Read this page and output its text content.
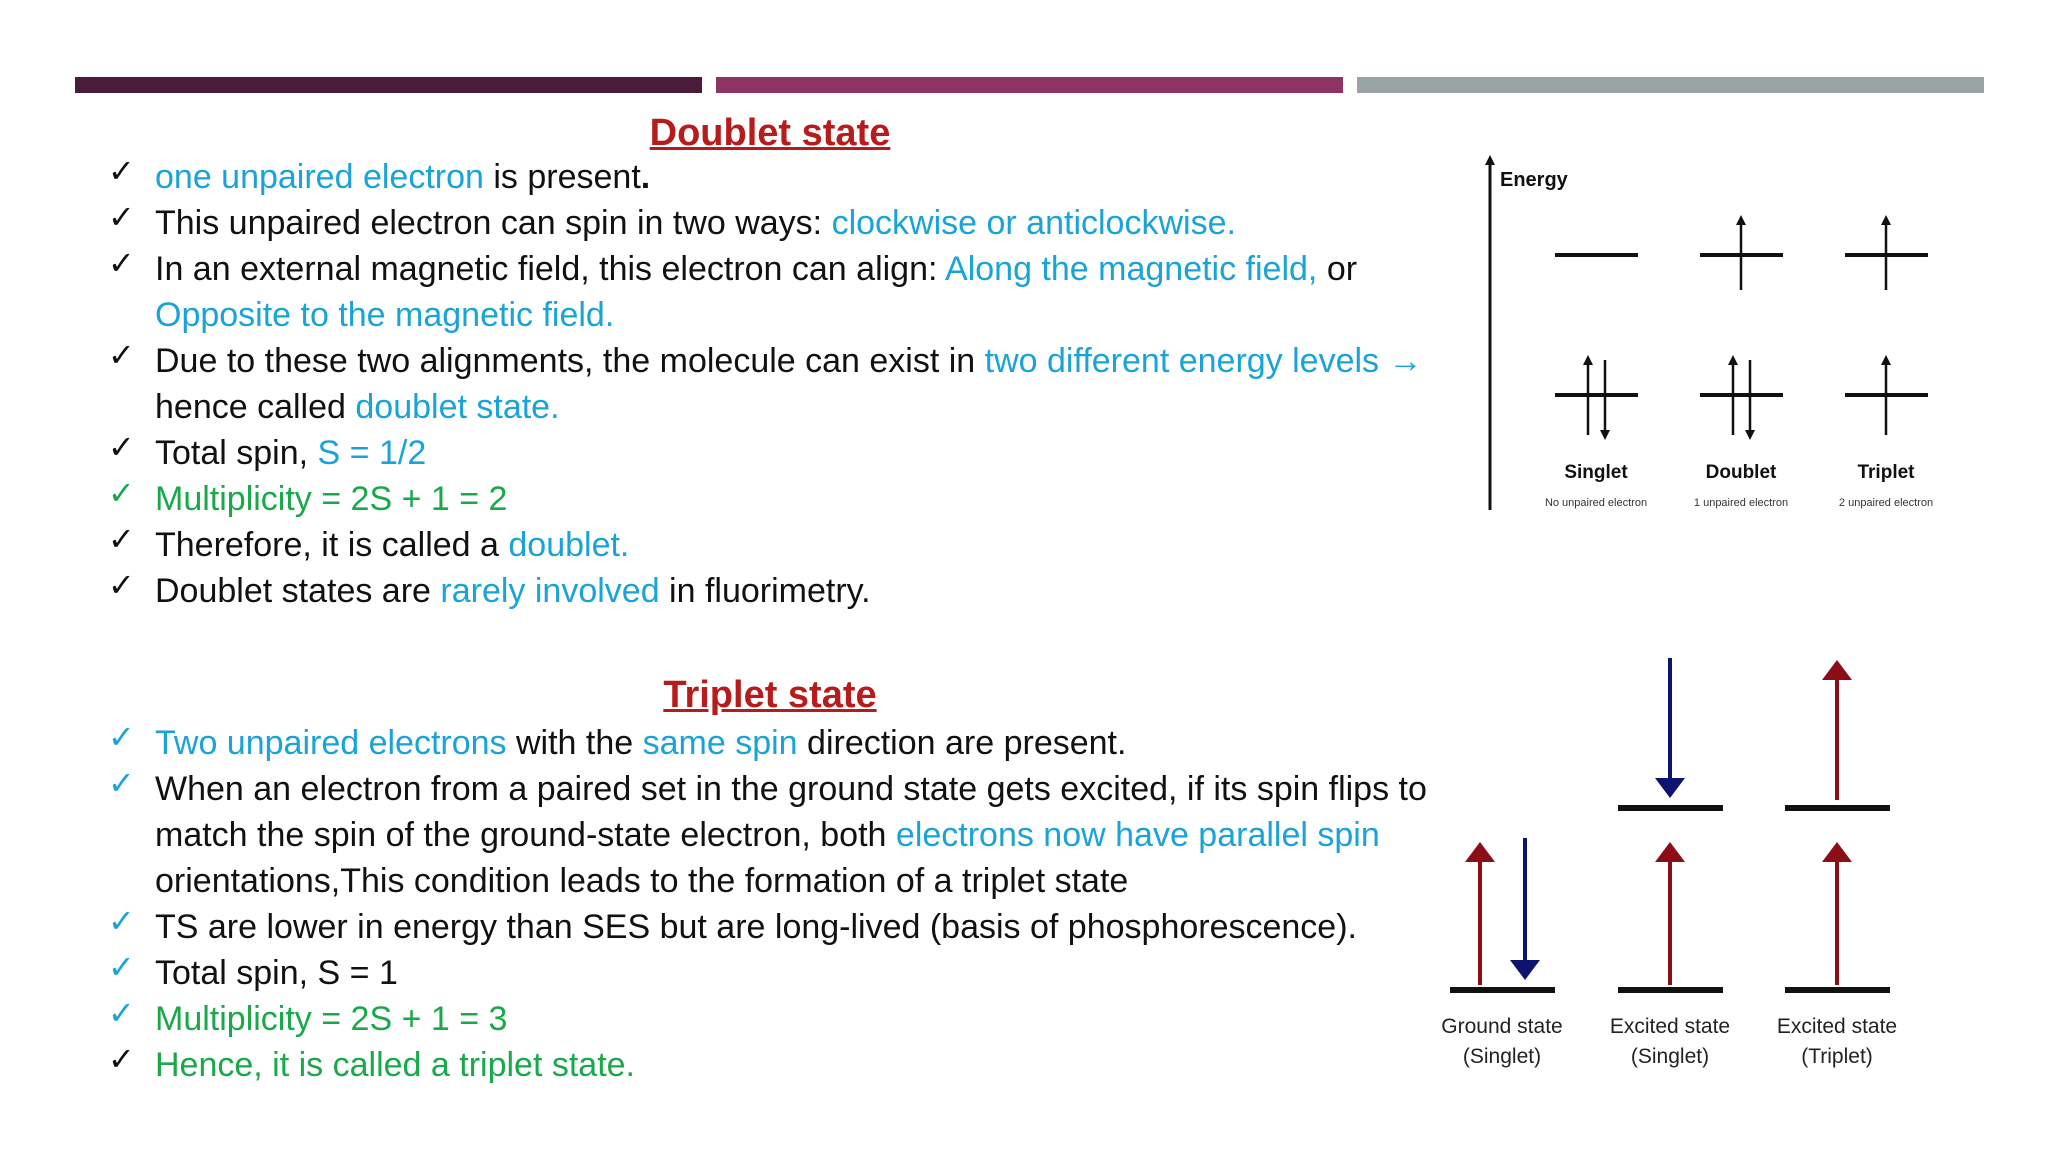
Doublet state
✓ one unpaired electron is present.
✓ This unpaired electron can spin in two ways: clockwise or anticlockwise.
✓ In an external magnetic field, this electron can align: Along the magnetic field, or Opposite to the magnetic field.
✓ Due to these two alignments, the molecule can exist in two different energy levels → hence called doublet state.
✓ Total spin, S = 1/2
✓ Multiplicity = 2S + 1 = 2
✓ Therefore, it is called a doublet.
✓ Doublet states are rarely involved in fluorimetry.
Triplet state
✓ Two unpaired electrons with the same spin direction are present.
✓ When an electron from a paired set in the ground state gets excited, if its spin flips to match the spin of the ground-state electron, both electrons now have parallel spin orientations,This condition leads to the formation of a triplet state
✓ TS are lower in energy than SES but are long-lived (basis of phosphorescence).
✓ Total spin, S = 1
✓ Multiplicity = 2S + 1 = 3
✓ Hence, it is called a triplet state.
Energy
Singlet
No unpaired electron
Doublet
1 unpaired electron
Triplet
2 unpaired electron
Ground state
(Singlet)
Excited state
(Singlet)
Excited state
(Triplet)
